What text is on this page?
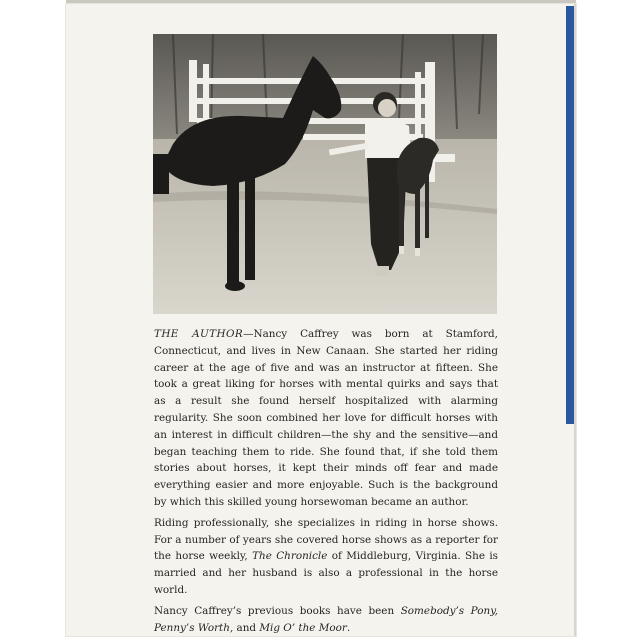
THE AUTHOR—Nancy Caffrey was born at Stamford, Connecticut, and lives in New Canaan. She started her riding career at the age of five and was an instructor at fifteen. She took a great liking for horses with mental quirks and says that as a result she found herself hospitalized with alarming regularity. She soon combined her love for difficult horses with an interest in difficult children—the shy and the sensitive—and began teaching them to ride. She found that, if she told them stories about horses, it kept their minds off fear and made everything easier and more enjoyable. Such is the background by which this skilled young horsewoman became an author.

Riding professionally, she specializes in riding in horse shows. For a number of years she covered horse shows as a reporter for the horse weekly, The Chronicle of Middleburg, Virginia. She is married and her husband is also a professional in the horse world.

Nancy Caffrey’s previous books have been Somebody’s Pony, Penny’s Worth, and Mig O’ the Moor.
